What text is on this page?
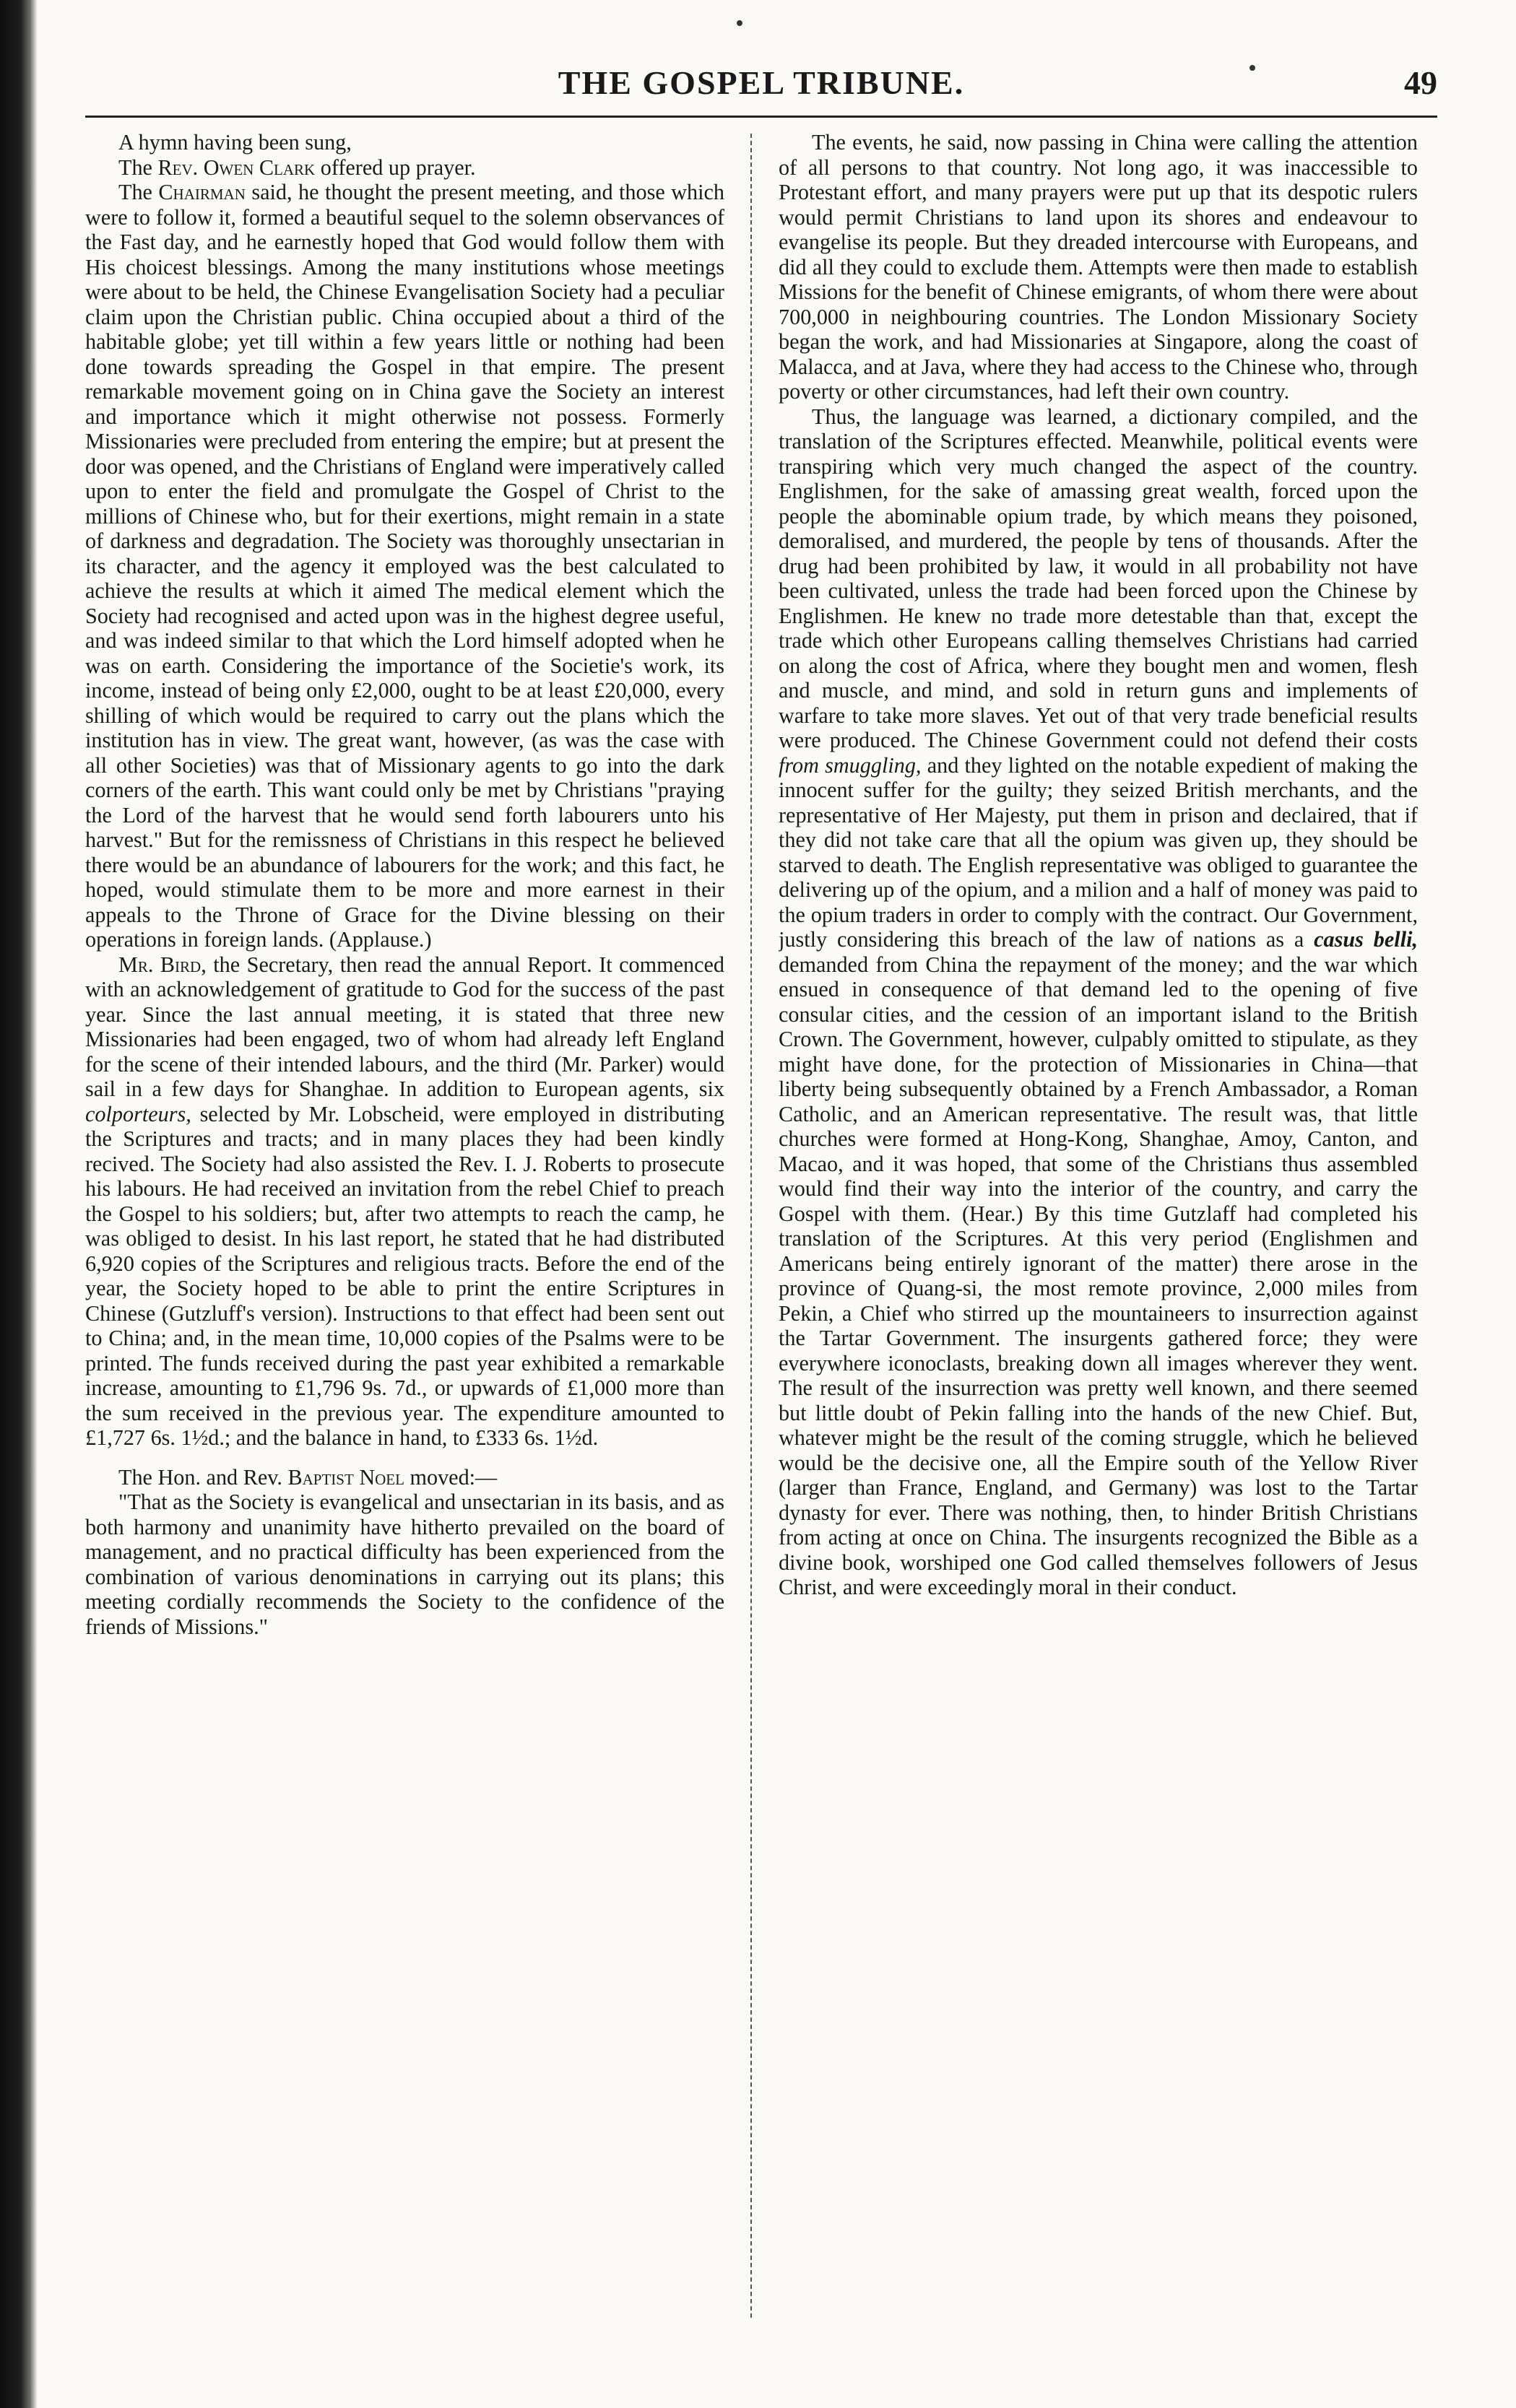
THE GOSPEL TRIBUNE.	49

A hymn having been sung,

The Rev. Owen Clark offered up prayer.

The Chairman said, he thought the present meeting, and those which were to follow it, formed a beautiful sequel to the solemn observances of the Fast day, and he earnestly hoped that God would follow them with His choicest blessings. Among the many institutions whose meetings were about to be held, the Chinese Evangelisation Society had a peculiar claim upon the Christian public. China occupied about a third of the habitable globe; yet till within a few years little or nothing had been done towards spreading the Gospel in that empire. The present remarkable movement going on in China gave the Society an interest and importance which it might otherwise not possess. Formerly Missionaries were precluded from entering the empire; but at present the door was opened, and the Christians of England were imperatively called upon to enter the field and promulgate the Gospel of Christ to the millions of Chinese who, but for their exertions, might remain in a state of darkness and degradation. The Society was thoroughly unsectarian in its character, and the agency it employed was the best calculated to achieve the results at which it aimed The medical element which the Society had recognised and acted upon was in the highest degree useful, and was indeed similar to that which the Lord himself adopted when he was on earth. Considering the importance of the Societie's work, its income, instead of being only £2,000, ought to be at least £20,000, every shilling of which would be required to carry out the plans which the institution has in view. The great want, however, (as was the case with all other Societies) was that of Missionary agents to go into the dark corners of the earth. This want could only be met by Christians "praying the Lord of the harvest that he would send forth labourers unto his harvest." But for the remissness of Christians in this respect he believed there would be an abundance of labourers for the work; and this fact, he hoped, would stimulate them to be more and more earnest in their appeals to the Throne of Grace for the Divine blessing on their operations in foreign lands. (Applause.)

Mr. Bird, the Secretary, then read the annual Report. It commenced with an acknowledgement of gratitude to God for the success of the past year. Since the last annual meeting, it is stated that three new Missionaries had been engaged, two of whom had already left England for the scene of their intended labours, and the third (Mr. Parker) would sail in a few days for Shanghae. In addition to European agents, six colporteurs, selected by Mr. Lobscheid, were employed in distributing the Scriptures and tracts; and in many places they had been kindly recived. The Society had also assisted the Rev. I. J. Roberts to prosecute his labours. He had received an invitation from the rebel Chief to preach the Gospel to his soldiers; but, after two attempts to reach the camp, he was obliged to desist. In his last report, he stated that he had distributed 6,920 copies of the Scriptures and religious tracts. Before the end of the year, the Society hoped to be able to print the entire Scriptures in Chinese (Gutzluff's version). Instructions to that effect had been sent out to China; and, in the mean time, 10,000 copies of the Psalms were to be printed. The funds received during the past year exhibited a remarkable increase, amounting to £1,796 9s. 7d., or upwards of £1,000 more than the sum received in the previous year. The expenditure amounted to £1,727 6s. 1½d.; and the balance in hand, to £333 6s. 1½d.

The Hon. and Rev. Baptist Noel moved:—

"That as the Society is evangelical and unsectarian in its basis, and as both harmony and unanimity have hitherto prevailed on the board of management, and no practical difficulty has been experienced from the combination of various denominations in carrying out its plans; this meeting cordially recommends the Society to the confidence of the friends of Missions."

The events, he said, now passing in China were calling the attention of all persons to that country. Not long ago, it was inaccessible to Protestant effort, and many prayers were put up that its despotic rulers would permit Christians to land upon its shores and endeavour to evangelise its people. But they dreaded intercourse with Europeans, and did all they could to exclude them. Attempts were then made to establish Missions for the benefit of Chinese emigrants, of whom there were about 700,000 in neighbouring countries. The London Missionary Society began the work, and had Missionaries at Singapore, along the coast of Malacca, and at Java, where they had access to the Chinese who, through poverty or other circumstances, had left their own country.

Thus, the language was learned, a dictionary compiled, and the translation of the Scriptures effected. Meanwhile, political events were transpiring which very much changed the aspect of the country. Englishmen, for the sake of amassing great wealth, forced upon the people the abominable opium trade, by which means they poisoned, demoralised, and murdered, the people by tens of thousands. After the drug had been prohibited by law, it would in all probability not have been cultivated, unless the trade had been forced upon the Chinese by Englishmen. He knew no trade more detestable than that, except the trade which other Europeans calling themselves Christians had carried on along the cost of Africa, where they bought men and women, flesh and muscle, and mind, and sold in return guns and implements of warfare to take more slaves. Yet out of that very trade beneficial results were produced. The Chinese Government could not defend their costs from smuggling, and they lighted on the notable expedient of making the innocent suffer for the guilty; they seized British merchants, and the representative of Her Majesty, put them in prison and declaired, that if they did not take care that all the opium was given up, they should be starved to death. The English representative was obliged to guarantee the delivering up of the opium, and a milion and a half of money was paid to the opium traders in order to comply with the contract. Our Government, justly considering this breach of the law of nations as a casus belli, demanded from China the repayment of the money; and the war which ensued in consequence of that demand led to the opening of five consular cities, and the cession of an important island to the British Crown. The Government, however, culpably omitted to stipulate, as they might have done, for the protection of Missionaries in China—that liberty being subsequently obtained by a French Ambassador, a Roman Catholic, and an American representative. The result was, that little churches were formed at Hong-Kong, Shanghae, Amoy, Canton, and Macao, and it was hoped, that some of the Christians thus assembled would find their way into the interior of the country, and carry the Gospel with them. (Hear.) By this time Gutzlaff had completed his translation of the Scriptures. At this very period (Englishmen and Americans being entirely ignorant of the matter) there arose in the province of Quang-si, the most remote province, 2,000 miles from Pekin, a Chief who stirred up the mountaineers to insurrection against the Tartar Government. The insurgents gathered force; they were everywhere iconoclasts, breaking down all images wherever they went. The result of the insurrection was pretty well known, and there seemed but little doubt of Pekin falling into the hands of the new Chief. But, whatever might be the result of the coming struggle, which he believed would be the decisive one, all the Empire south of the Yellow River (larger than France, England, and Germany) was lost to the Tartar dynasty for ever. There was nothing, then, to hinder British Christians from acting at once on China. The insurgents recognized the Bible as a divine book, worshiped one God called themselves followers of Jesus Christ, and were exceedingly moral in their conduct.
